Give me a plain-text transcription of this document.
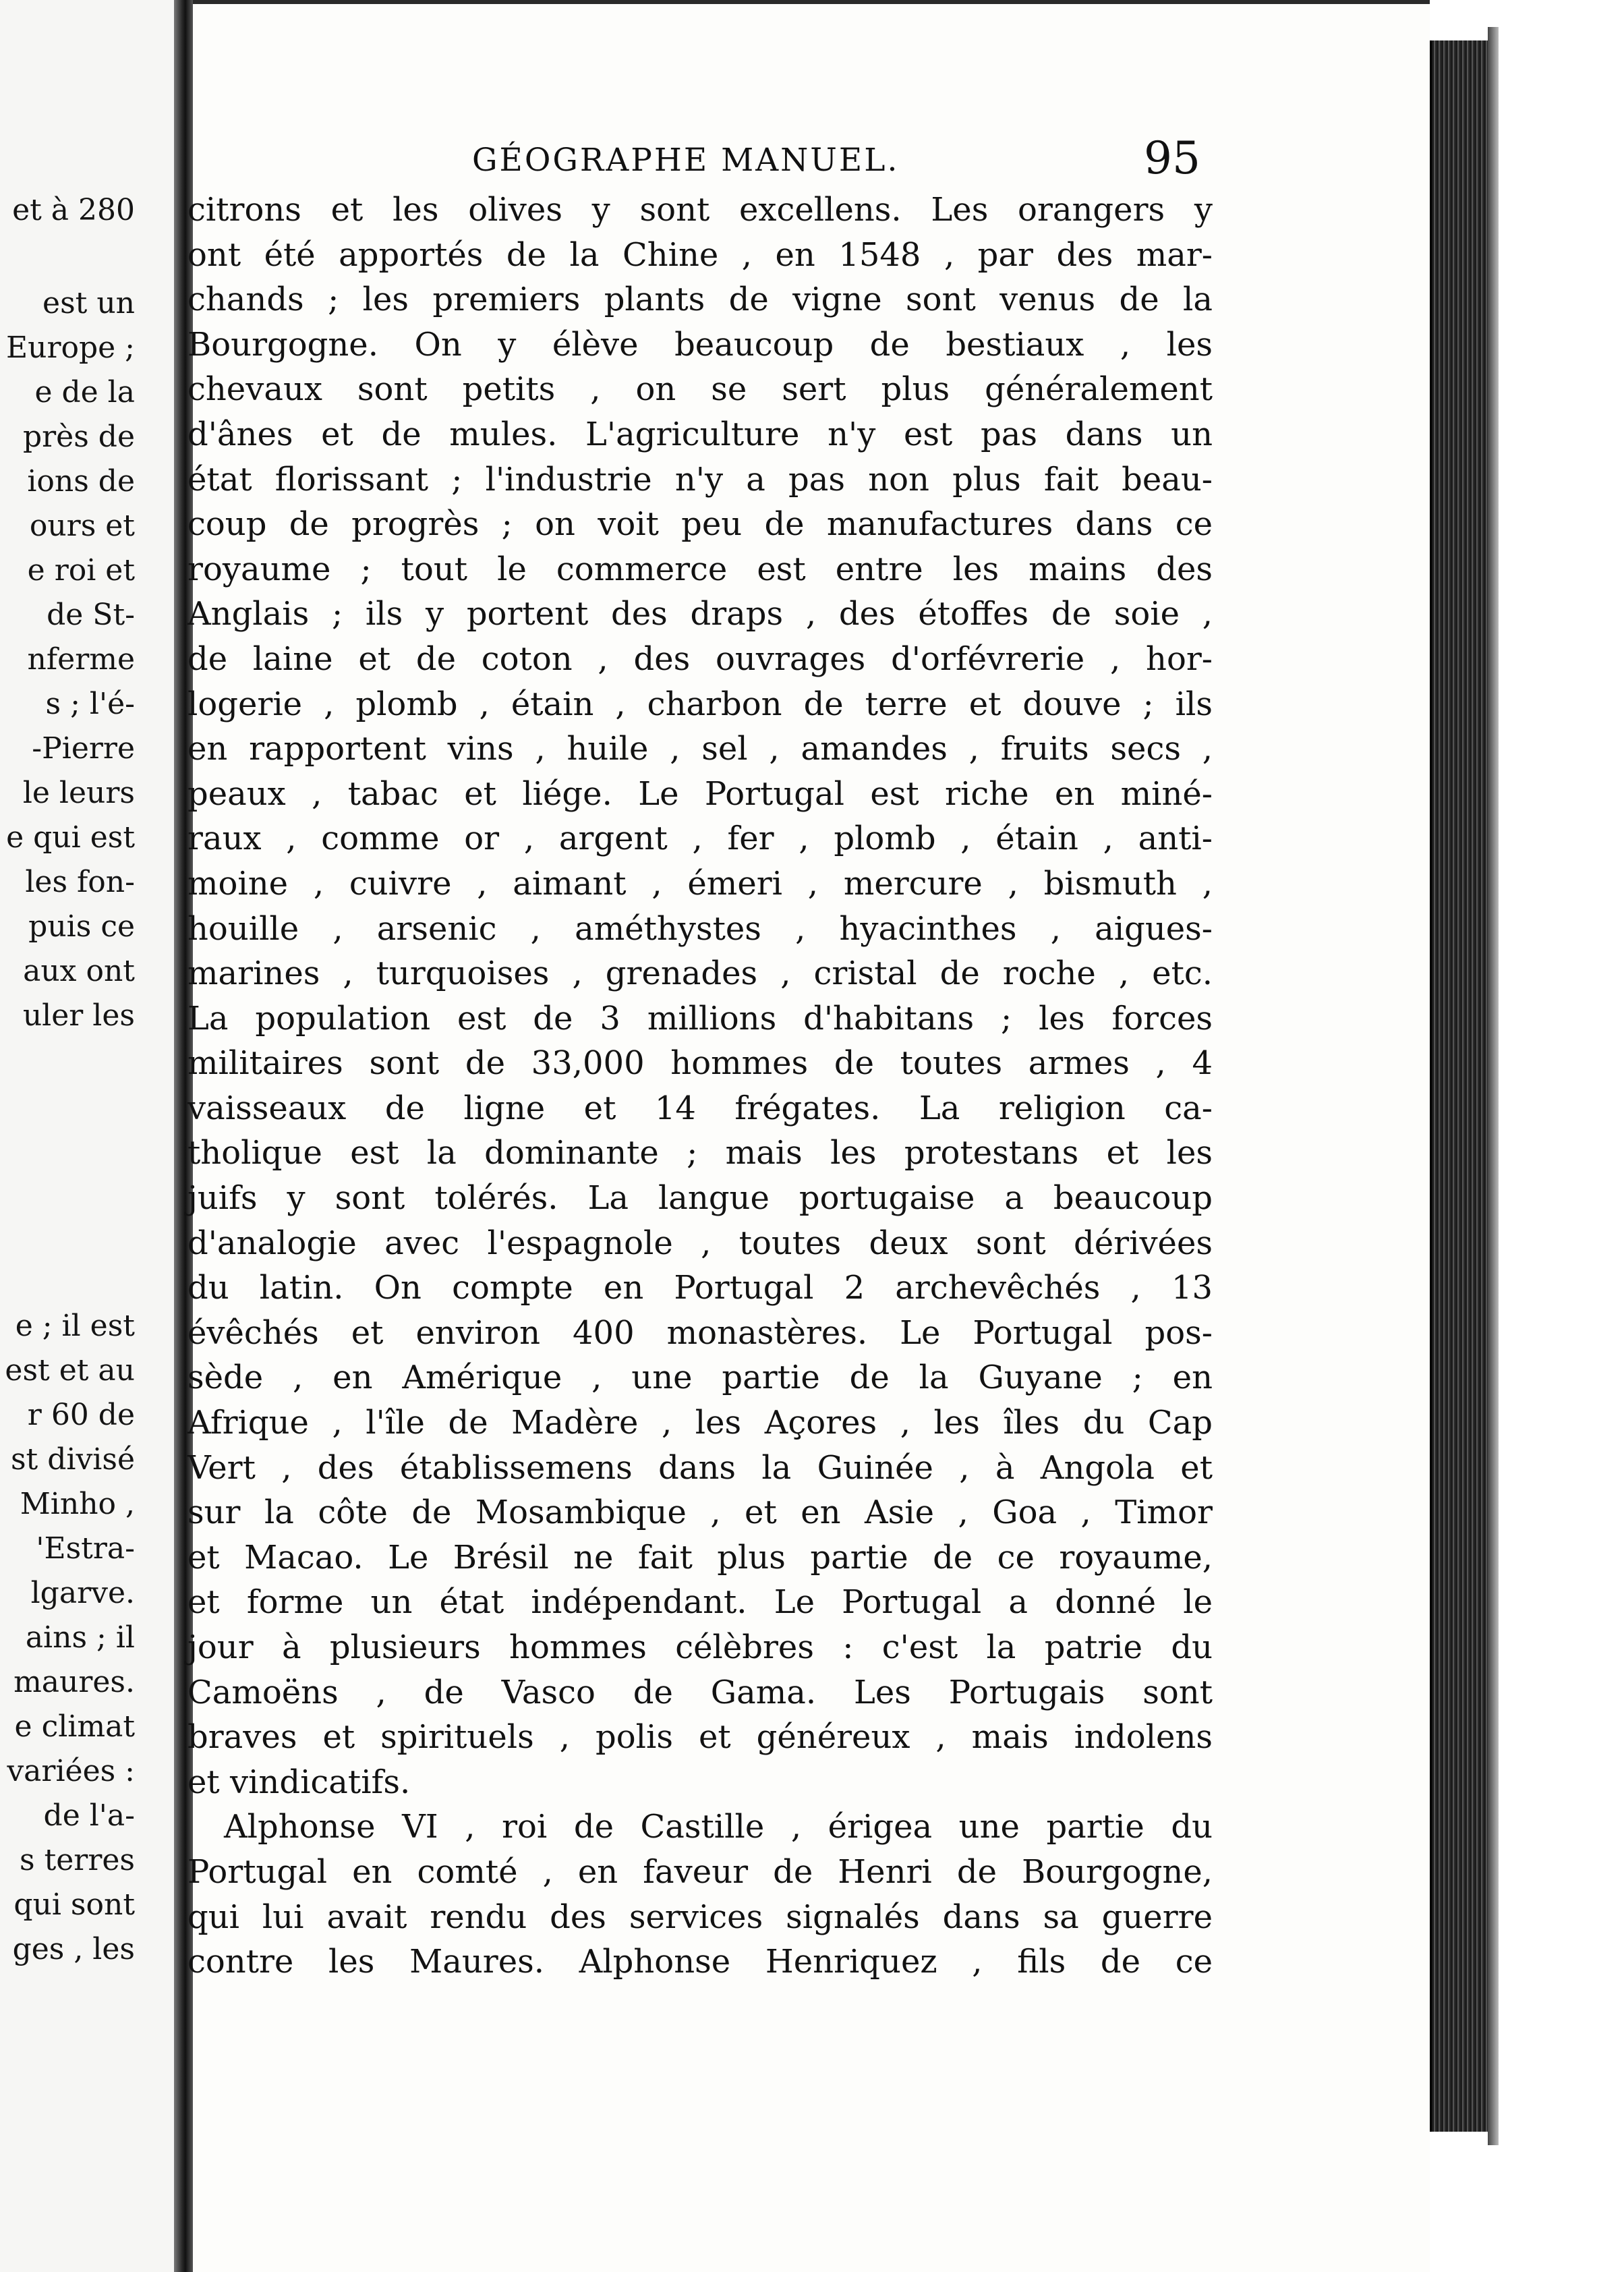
et à 280
est un
Europe ;
e de la
près de
ions de
ours et
e roi et
de St-
nferme
s ; l'é-
-Pierre
le leurs
e qui est
les fon-
puis ce
aux ont
uler les
e ; il est
est et au
r 60 de
st divisé
Minho ,
'Estra-
lgarve.
ains ; il
maures.
e climat
variées :
de l'a-
s terres
qui sont
ges , les
GÉOGRAPHE MANUEL.	95
citrons et les olives y sont excellens. Les orangers y
ont été apportés de la Chine , en 1548 , par des mar-
chands ; les premiers plants de vigne sont venus de la
Bourgogne. On y élève beaucoup de bestiaux , les
chevaux sont petits , on se sert plus généralement
d'ânes et de mules. L'agriculture n'y est pas dans un
état florissant ; l'industrie n'y a pas non plus fait beau-
coup de progrès ; on voit peu de manufactures dans ce
royaume ; tout le commerce est entre les mains des
Anglais ; ils y portent des draps , des étoffes de soie ,
de laine et de coton , des ouvrages d'orfévrerie , hor-
logerie , plomb , étain , charbon de terre et douve ; ils
en rapportent vins , huile , sel , amandes , fruits secs ,
peaux , tabac et liége. Le Portugal est riche en miné-
raux , comme or , argent , fer , plomb , étain , anti-
moine , cuivre , aimant , émeri , mercure , bismuth ,
houille , arsenic , améthystes , hyacinthes , aigues-
marines , turquoises , grenades , cristal de roche , etc.
La population est de 3 millions d'habitans ; les forces
militaires sont de 33,000 hommes de toutes armes , 4
vaisseaux de ligne et 14 frégates. La religion ca-
tholique est la dominante ; mais les protestans et les
juifs y sont tolérés. La langue portugaise a beaucoup
d'analogie avec l'espagnole , toutes deux sont dérivées
du latin. On compte en Portugal 2 archevêchés , 13
évêchés et environ 400 monastères. Le Portugal pos-
sède , en Amérique , une partie de la Guyane ; en
Afrique , l'île de Madère , les Açores , les îles du Cap
Vert , des établissemens dans la Guinée , à Angola et
sur la côte de Mosambique , et en Asie , Goa , Timor
et Macao. Le Brésil ne fait plus partie de ce royaume,
et forme un état indépendant. Le Portugal a donné le
jour à plusieurs hommes célèbres : c'est la patrie du
Camoëns , de Vasco de Gama. Les Portugais sont
braves et spirituels , polis et généreux , mais indolens
et vindicatifs.
Alphonse VI , roi de Castille , érigea une partie du
Portugal en comté , en faveur de Henri de Bourgogne,
qui lui avait rendu des services signalés dans sa guerre
contre les Maures. Alphonse Henriquez , fils de ce
